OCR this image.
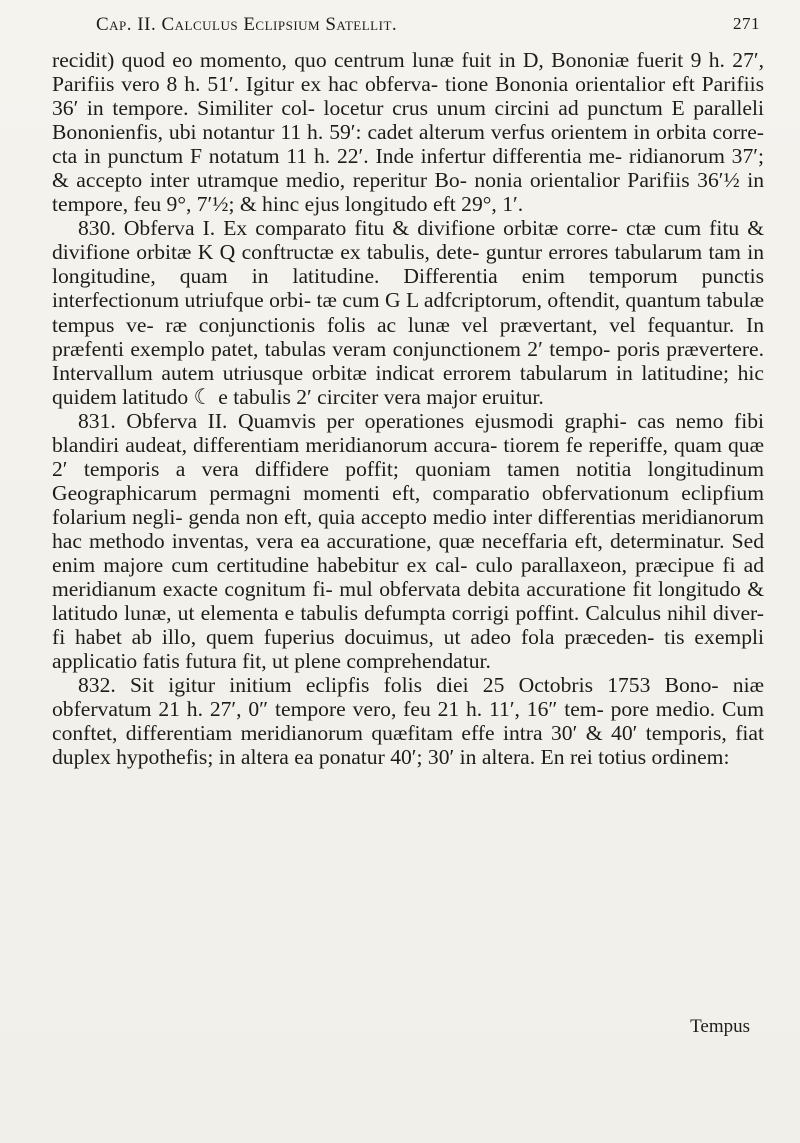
Cap. II. Calculus Eclipsium Satellit.	271

recidit) quod eo momento, quo centrum lunæ fuit in D, Bononiæ fuerit 9 h. 27′, Parifiis vero 8 h. 51′. Igitur ex hac obferva- tione Bononia orientalior eft Parifiis 36′ in tempore. Similiter col- locetur crus unum circini ad punctum E paralleli Bononienfis, ubi notantur 11 h. 59′: cadet alterum verfus orientem in orbita corre- cta in punctum F notatum 11 h. 22′. Inde infertur differentia me- ridianorum 37′; & accepto inter utramque medio, reperitur Bo- nonia orientalior Parifiis 36′½ in tempore, feu 9°, 7′½; & hinc ejus longitudo eft 29°, 1′.

830. Obferva I. Ex comparato fitu & divifione orbitæ corre- ctæ cum fitu & divifione orbitæ K Q conftructæ ex tabulis, dete- guntur errores tabularum tam in longitudine, quam in latitudine. Differentia enim temporum punctis interfectionum utriufque orbi- tæ cum G L adfcriptorum, oftendit, quantum tabulæ tempus ve- ræ conjunctionis folis ac lunæ vel prævertant, vel fequantur. In præfenti exemplo patet, tabulas veram conjunctionem 2′ tempo- poris prævertere. Intervallum autem utriusque orbitæ indicat errorem tabularum in latitudine; hic quidem latitudo ☾ e tabulis 2′ circiter vera major eruitur.

831. Obferva II. Quamvis per operationes ejusmodi graphi- cas nemo fibi blandiri audeat, differentiam meridianorum accura- tiorem fe reperiffe, quam quæ 2′ temporis a vera diffidere poffit; quoniam tamen notitia longitudinum Geographicarum permagni momenti eft, comparatio obfervationum eclipfium folarium negli- genda non eft, quia accepto medio inter differentias meridianorum hac methodo inventas, vera ea accuratione, quæ neceffaria eft, determinatur. Sed enim majore cum certitudine habebitur ex cal- culo parallaxeon, præcipue fi ad meridianum exacte cognitum fi- mul obfervata debita accuratione fit longitudo & latitudo lunæ, ut elementa e tabulis defumpta corrigi poffint. Calculus nihil diver- fi habet ab illo, quem fuperius docuimus, ut adeo fola præceden- tis exempli applicatio fatis futura fit, ut plene comprehendatur.

832. Sit igitur initium eclipfis folis diei 25 Octobris 1753 Bono- niæ obfervatum 21 h. 27′, 0″ tempore vero, feu 21 h. 11′, 16″ tem- pore medio. Cum conftet, differentiam meridianorum quæfitam effe intra 30′ & 40′ temporis, fiat duplex hypothefis; in altera ea ponatur 40′; 30′ in altera. En rei totius ordinem:

Tempus
